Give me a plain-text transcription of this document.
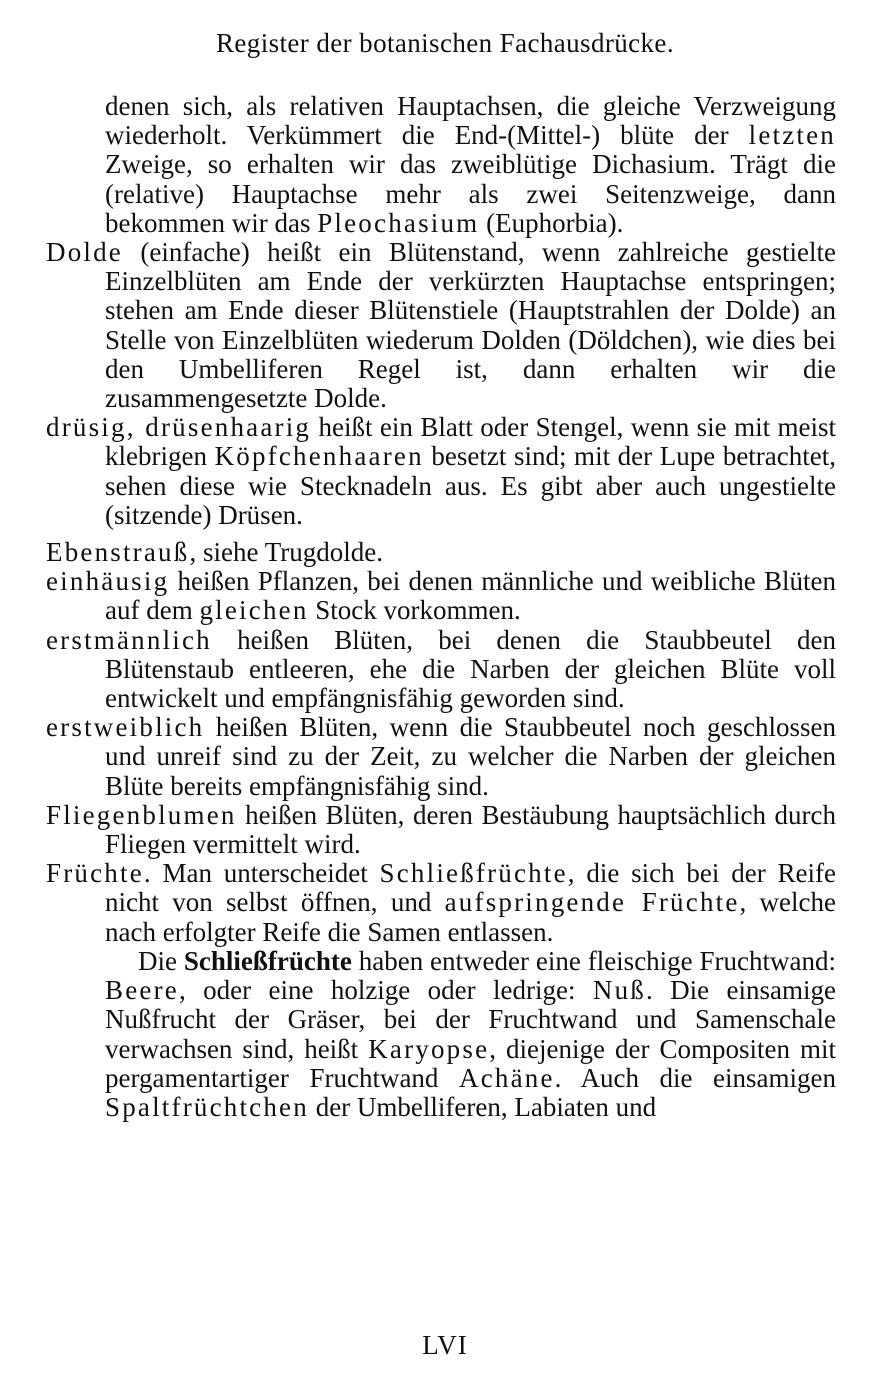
Register der botanischen Fachausdrücke.

denen sich, als relativen Hauptachsen, die gleiche Verzweigung wiederholt. Verkümmert die End-(Mittel-) blüte der letzten Zweige, so erhalten wir das zweiblütige Dichasium. Trägt die (relative) Hauptachse mehr als zwei Seitenzweige, dann bekommen wir das Pleochasium (Euphorbia).

Dolde (einfache) heißt ein Blütenstand, wenn zahlreiche gestielte Einzelblüten am Ende der verkürzten Hauptachse entspringen; stehen am Ende dieser Blütenstiele (Hauptstrahlen der Dolde) an Stelle von Einzelblüten wiederum Dolden (Döldchen), wie dies bei den Umbelliferen Regel ist, dann erhalten wir die zusammengesetzte Dolde.

drüsig, drüsenhaarig heißt ein Blatt oder Stengel, wenn sie mit meist klebrigen Köpfchenhaaren besetzt sind; mit der Lupe betrachtet, sehen diese wie Stecknadeln aus. Es gibt aber auch ungestielte (sitzende) Drüsen.

Ebenstrauß, siehe Trugdolde.

einhäusig heißen Pflanzen, bei denen männliche und weibliche Blüten auf dem gleichen Stock vorkommen.

erstmännlich heißen Blüten, bei denen die Staubbeutel den Blütenstaub entleeren, ehe die Narben der gleichen Blüte voll entwickelt und empfängnisfähig geworden sind.

erstweiblich heißen Blüten, wenn die Staubbeutel noch geschlossen und unreif sind zu der Zeit, zu welcher die Narben der gleichen Blüte bereits empfängnisfähig sind.

Fliegenblumen heißen Blüten, deren Bestäubung hauptsächlich durch Fliegen vermittelt wird.

Früchte. Man unterscheidet Schließfrüchte, die sich bei der Reife nicht von selbst öffnen, und aufspringende Früchte, welche nach erfolgter Reife die Samen entlassen.

Die Schließfrüchte haben entweder eine fleischige Fruchtwand: Beere, oder eine holzige oder ledrige: Nuß. Die einsamige Nußfrucht der Gräser, bei der Fruchtwand und Samenschale verwachsen sind, heißt Karyopse, diejenige der Compositen mit pergamentartiger Fruchtwand Achäne. Auch die einsamigen Spaltfrüchtchen der Umbelliferen, Labiaten und

LVI
